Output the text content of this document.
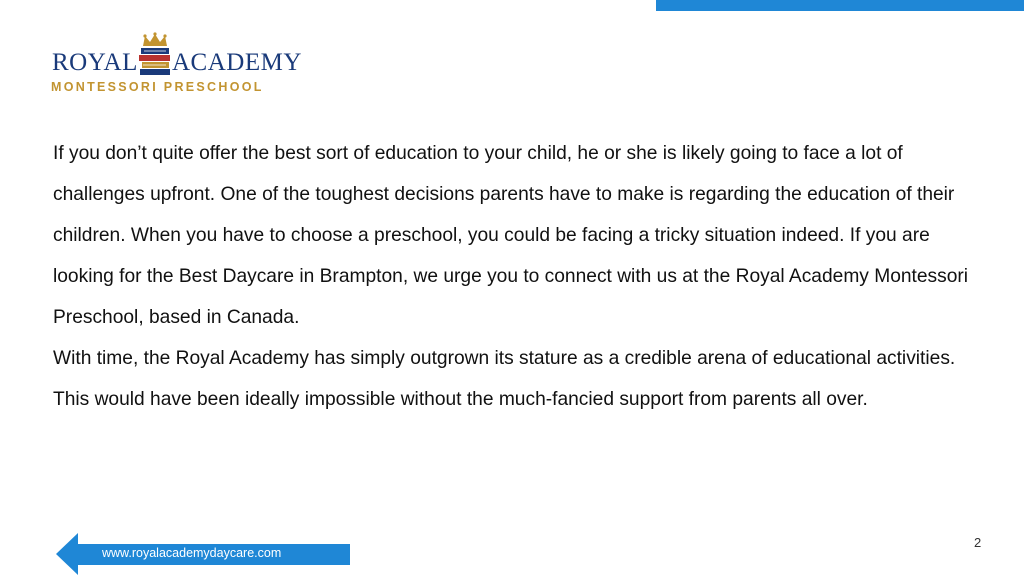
ROYAL ACADEMY
MONTESSORI PRESCHOOL

If you don’t quite offer the best sort of education to your child, he or she is likely going to face a lot of challenges upfront. One of the toughest decisions parents have to make is regarding the education of their children. When you have to choose a preschool, you could be facing a tricky situation indeed. If you are looking for the Best Daycare in Brampton, we urge you to connect with us at the Royal Academy Montessori Preschool, based in Canada.

With time, the Royal Academy has simply outgrown its stature as a credible arena of educational activities. This would have been ideally impossible without the much-fancied support from parents all over.

www.royalacademydaycare.com
2
